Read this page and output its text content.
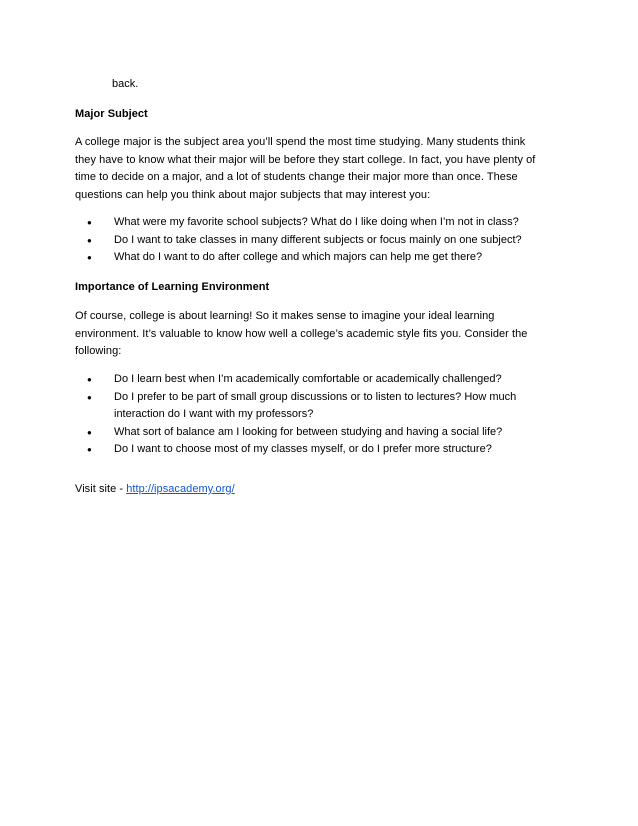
back.
Major Subject
A college major is the subject area you’ll spend the most time studying. Many students think
they have to know what their major will be before they start college. In fact, you have plenty of
time to decide on a major, and a lot of students change their major more than once. These
questions can help you think about major subjects that may interest you:
● What were my favorite school subjects? What do I like doing when I’m not in class?
● Do I want to take classes in many different subjects or focus mainly on one subject?
● What do I want to do after college and which majors can help me get there?
Importance of Learning Environment
Of course, college is about learning! So it makes sense to imagine your ideal learning
environment. It’s valuable to know how well a college’s academic style fits you. Consider the
following:
● Do I learn best when I’m academically comfortable or academically challenged?
● Do I prefer to be part of small group discussions or to listen to lectures? How much
interaction do I want with my professors?
● What sort of balance am I looking for between studying and having a social life?
● Do I want to choose most of my classes myself, or do I prefer more structure?
Visit site - http://ipsacademy.org/
